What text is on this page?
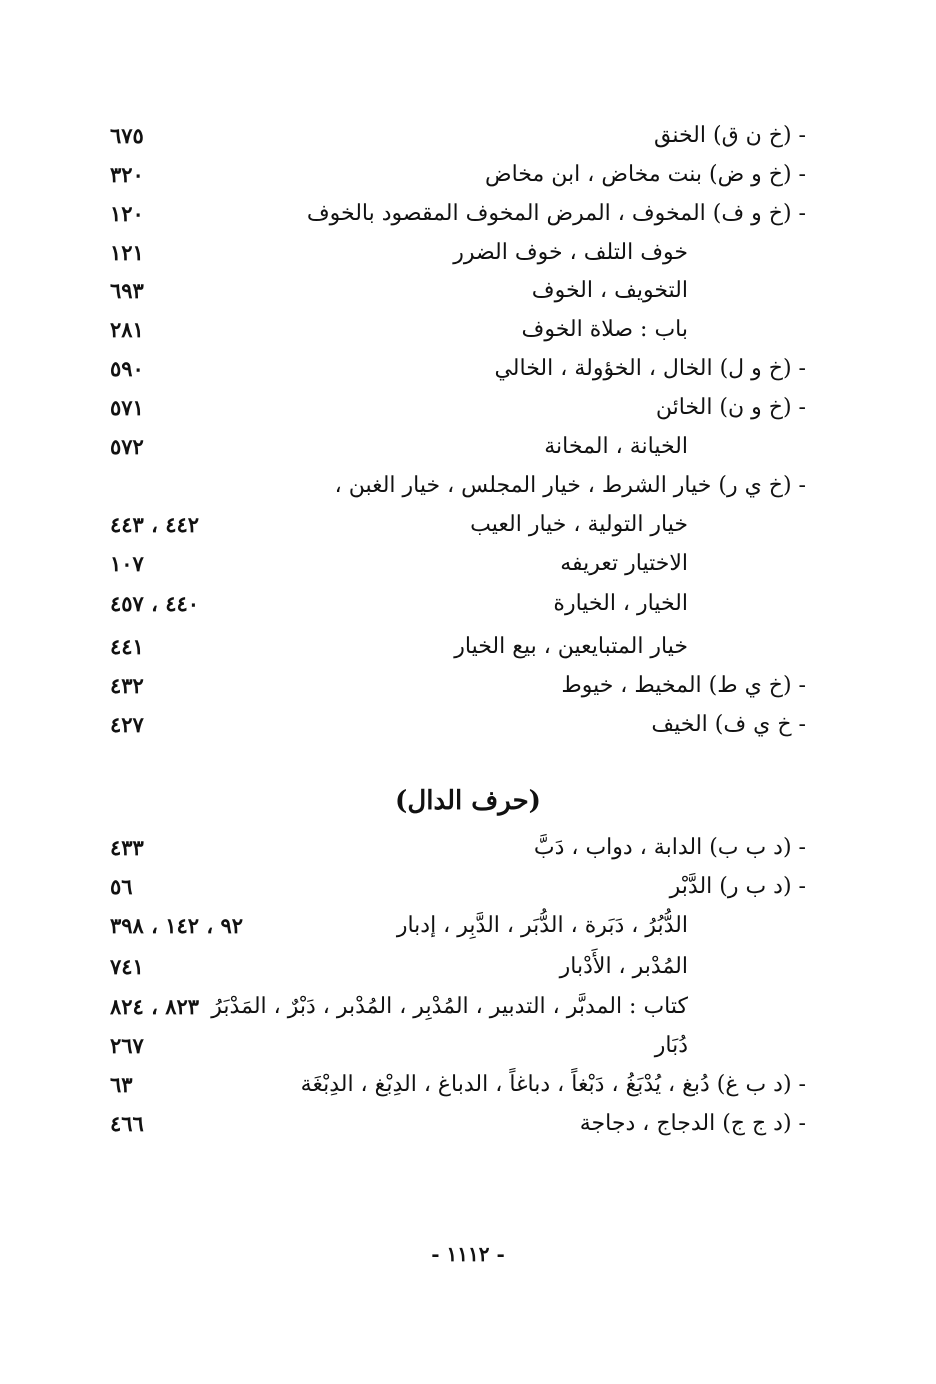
- (خ ن ق) الخنق
٦٧٥
- (خ و ض) بنت مخاض ، ابن مخاض
٣٢٠
- (خ و ف) المخوف ، المرض المخوف المقصود بالخوف
١٢٠
خوف التلف ، خوف الضرر
١٢١
التخويف ، الخوف
٦٩٣
باب : صلاة الخوف
٢٨١
- (خ و ل) الخال ، الخؤولة ، الخالي
٥٩٠
- (خ و ن) الخائن
٥٧١
الخيانة ، المخانة
٥٧٢
- (خ ي ر) خيار الشرط ، خيار المجلس ، خيار الغبن ،
خيار التولية ، خيار العيب
٤٤٢ ، ٤٤٣
الاختيار تعريفه
١٠٧
الخيار ، الخيارة
٤٤٠ ، ٤٥٧
خيار المتبايعين ، بيع الخيار
٤٤١
- (خ ي ط) المخيط ، خيوط
٤٣٢
- خ ي ف) الخيف
٤٢٧
(حرف الدال)
- (د ب ب) الدابة ، دواب ، دَبَّ
٤٣٣
- (د ب ر) الدَّبْر
٥٦
الدُّبُرُ ، دَبَرة ، الدُّبَر ، الدَّبِر ، إدبار
٩٢ ، ١٤٢ ، ٣٩٨
المُدْبر ، الأَدْبار
٧٤١
كتاب : المدبَّر ، التدبير ، المُدْبِر ، المُدْبر ، دَبْرٌ ، المَدْبَرُ
٨٢٣ ، ٨٢٤
دُبَار
٢٦٧
- (د ب غ) دُبغ ، يُدْبَغُ ، دَبْغاً ، دباغاً ، الدباغ ، الدِبْغ ، الدِبْغَة
٦٣
- (د ج ج) الدجاج ، دجاجة
٤٦٦
- ١١١٢ -
